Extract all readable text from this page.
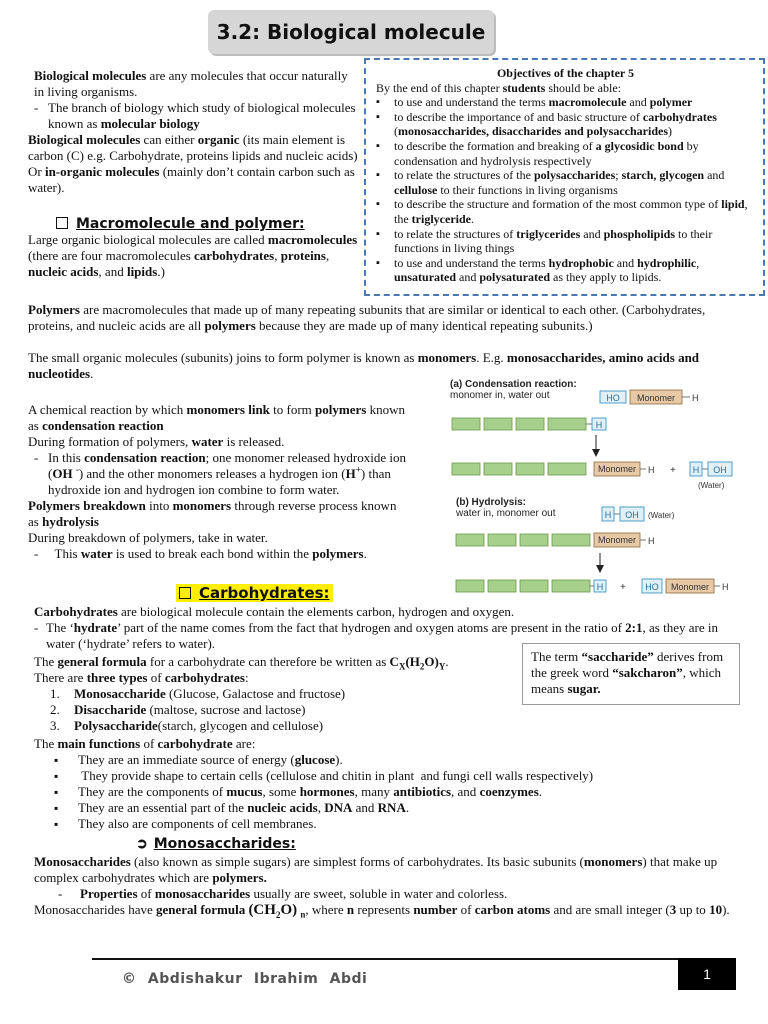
3.2: Biological molecule

Biological molecules are any molecules that occur naturally in living organisms.

- The branch of biology which study of biological molecules known as molecular biology

Biological molecules can either organic (its main element is carbon (C) e.g. Carbohydrate, proteins lipids and nucleic acids) Or in-organic molecules (mainly don’t contain carbon such as water).

Macromolecule and polymer:

Large organic biological molecules are called macromolecules (there are four macromolecules carbohydrates, proteins, nucleic acids, and lipids.)

Objectives of the chapter 5
By the end of this chapter students should be able:
▪ to use and understand the terms macromolecule and polymer
▪ to describe the importance of and basic structure of carbohydrates (monosaccharides, disaccharides and polysaccharides)
▪ to describe the formation and breaking of a glycosidic bond by condensation and hydrolysis respectively
▪ to relate the structures of the polysaccharides; starch, glycogen and cellulose to their functions in living organisms
▪ to describe the structure and formation of the most common type of lipid, the triglyceride.
▪ to relate the structures of triglycerides and phospholipids to their functions in living things
▪ to use and understand the terms hydrophobic and hydrophilic, unsaturated and polysaturated as they apply to lipids.

Polymers are macromolecules that made up of many repeating subunits that are similar or identical to each other. (Carbohydrates, proteins, and nucleic acids are all polymers because they are made up of many identical repeating subunits.)

The small organic molecules (subunits) joins to form polymer is known as monomers. E.g. monosaccharides, amino acids and nucleotides.

A chemical reaction by which monomers link to form polymers known as condensation reaction

During formation of polymers, water is released.

- In this condensation reaction; one monomer released hydroxide ion (OH -) and the other monomers releases a hydrogen ion (H+) than hydroxide ion and hydrogen ion combine to form water.

Polymers breakdown into monomers through reverse process known as hydrolysis

During breakdown of polymers, take in water.

-   This water is used to break each bond within the polymers.

(a) Condensation reaction:
monomer in, water out	HO Monomer H
H
Monomer H + H OH
(Water)
(b) Hydrolysis:
water in, monomer out	H OH (Water)
Monomer H
H + HO Monomer H
Carbohydrates:

Carbohydrates are biological molecule contain the elements carbon, hydrogen and oxygen.

- The ‘hydrate’ part of the name comes from the fact that hydrogen and oxygen atoms are present in the ratio of 2:1, as they are in water (‘hydrate’ refers to water).

The general formula for a carbohydrate can therefore be written as $C_X(H_2O)_Y$.

There are three types of carbohydrates:

1. Monosaccharide (Glucose, Galactose and fructose)
2. Disaccharide (maltose, sucrose and lactose)
3. Polysaccharide(starch, glycogen and cellulose)
The term “saccharide” derives from the greek word “sakcharon”, which means sugar.

The main functions of carbohydrate are:

▪ They are an immediate source of energy (glucose).
▪  They provide shape to certain cells (cellulose and chitin in plant  and fungi cell walls respectively)
▪ They are the components of mucus, some hormones, many antibiotics, and coenzymes.
▪ They are an essential part of the nucleic acids, DNA and RNA.
▪ They also are components of cell membranes.
➲ Monosaccharides:

Monosaccharides (also known as simple sugars) are simplest forms of carbohydrates. Its basic subunits (monomers) that make up complex carbohydrates which are polymers.

- Properties of monosaccharides usually are sweet, soluble in water and colorless.

Monosaccharides have general formula $(CH_2O)$ $_n$, where n represents number of carbon atoms and are small integer (3 up to 10).

© Abdishakur Ibrahim Abdi	1
